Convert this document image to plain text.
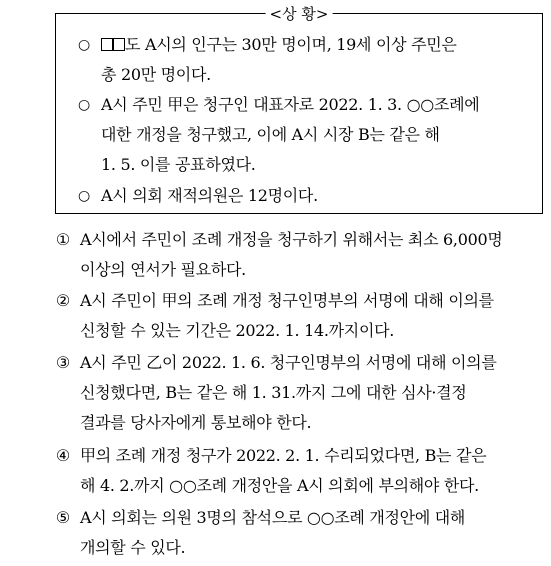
<상 황>
○	도 A시의 인구는 30만 명이며, 19세 이상 주민은
총 20만 명이다.
○ A시 주민 甲은 청구인 대표자로 2022. 1. 3. ○○조례에
대한 개정을 청구했고, 이에 A시 시장 B는 같은 해
1. 5. 이를 공표하였다.
○ A시 의회 재적의원은 12명이다.
① A시에서 주민이 조례 개정을 청구하기 위해서는 최소 6,000명
이상의 연서가 필요하다.
② A시 주민이 甲의 조례 개정 청구인명부의 서명에 대해 이의를
신청할 수 있는 기간은 2022. 1. 14.까지이다.
③ A시 주민 乙이 2022. 1. 6. 청구인명부의 서명에 대해 이의를
신청했다면, B는 같은 해 1. 31.까지 그에 대한 심사·결정
결과를 당사자에게 통보해야 한다.
④ 甲의 조례 개정 청구가 2022. 2. 1. 수리되었다면, B는 같은
해 4. 2.까지 ○○조례 개정안을 A시 의회에 부의해야 한다.
⑤ A시 의회는 의원 3명의 참석으로 ○○조례 개정안에 대해
개의할 수 있다.
